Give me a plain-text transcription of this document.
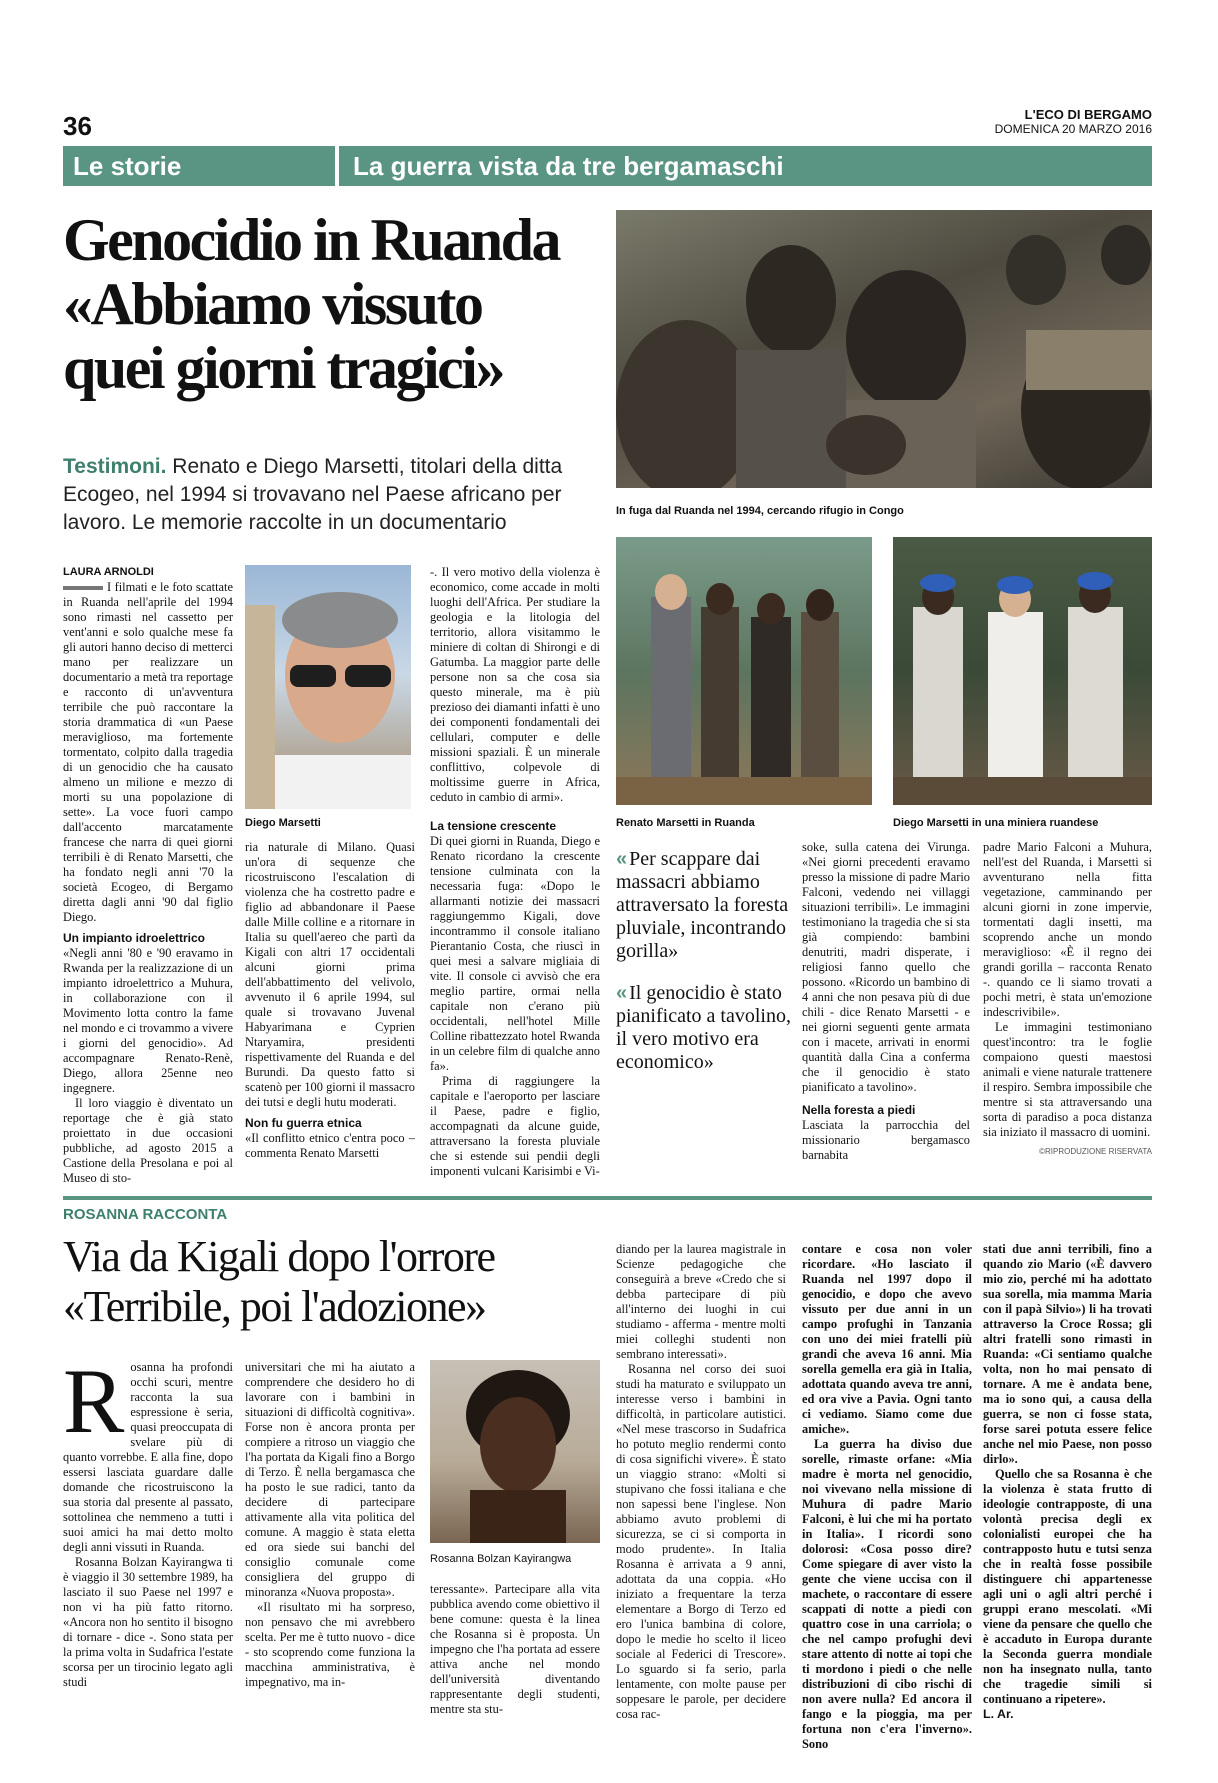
36	L'ECO DI BERGAMO
DOMENICA 20 MARZO 2016
Le storie	La guerra vista da tre bergamaschi
Genocidio in Ruanda
«Abbiamo vissuto
quei giorni tragici»
Testimoni. Renato e Diego Marsetti, titolari della ditta Ecogeo, nel 1994 si trovavano nel Paese africano per lavoro. Le memorie raccolte in un documentario	In fuga dal Ruanda nel 1994, cercando rifugio in Congo
Diego Marsetti	Renato Marsetti in Ruanda	Diego Marsetti in una miniera ruandese
LAURA ARNOLDI

I filmati e le foto scattate in Ruanda nell'aprile del 1994 sono rimasti nel cassetto per vent'anni e solo qualche mese fa gli autori hanno deciso di metterci mano per realizzare un documentario a metà tra reportage e racconto di un'avventura terribile che può raccontare la storia drammatica di «un Paese meraviglioso, ma fortemente tormentato, colpito dalla tragedia di un genocidio che ha causato almeno un milione e mezzo di morti su una popolazione di sette». La voce fuori campo dall'accento marcatamente francese che narra di quei giorni terribili è di Renato Marsetti, che ha fondato negli anni '70 la società Ecogeo, di Bergamo diretta dagli anni '90 dal figlio Diego.

Un impianto idroelettrico

«Negli anni '80 e '90 eravamo in Rwanda per la realizzazione di un impianto idroelettrico a Muhura, in collaborazione con il Movimento lotta contro la fame nel mondo e ci trovammo a vivere i giorni del genocidio». Ad accompagnare Renato-Renè, Diego, allora 25enne neo ingegnere.

Il loro viaggio è diventato un reportage che è già stato proiettato in due occasioni pubbliche, ad agosto 2015 a Castione della Presolana e poi al Museo di sto-

ria naturale di Milano. Quasi un'ora di sequenze che ricostruiscono l'escalation di violenza che ha costretto padre e figlio ad abbandonare il Paese dalle Mille colline e a ritornare in Italia su quell'aereo che partì da Kigali con altri 17 occidentali alcuni giorni prima dell'abbattimento del velivolo, avvenuto il 6 aprile 1994, sul quale si trovavano Juvenal Habyarimana e Cyprien Ntaryamira, presidenti rispettivamente del Ruanda e del Burundi. Da questo fatto si scatenò per 100 giorni il massacro dei tutsi e degli hutu moderati.

Non fu guerra etnica

«Il conflitto etnico c'entra poco – commenta Renato Marsetti

-. Il vero motivo della violenza è economico, come accade in molti luoghi dell'Africa. Per studiare la geologia e la litologia del territorio, allora visitammo le miniere di coltan di Shirongi e di Gatumba. La maggior parte delle persone non sa che cosa sia questo minerale, ma è più prezioso dei diamanti infatti è uno dei componenti fondamentali dei cellulari, computer e delle missioni spaziali. È un minerale conflittivo, colpevole di moltissime guerre in Africa, ceduto in cambio di armi».

La tensione crescente

Di quei giorni in Ruanda, Diego e Renato ricordano la crescente tensione culminata con la necessaria fuga: «Dopo le allarmanti notizie dei massacri raggiungemmo Kigali, dove incontrammo il console italiano Pierantanio Costa, che riuscì in quei mesi a salvare migliaia di vite. Il console ci avvisò che era meglio partire, ormai nella capitale non c'erano più occidentali, nell'hotel Mille Colline ribattezzato hotel Rwanda in un celebre film di qualche anno fa».

Prima di raggiungere la capitale e l'aeroporto per lasciare il Paese, padre e figlio, accompagnati da alcune guide, attraversano la foresta pluviale che si estende sui pendii degli imponenti vulcani Karisimbi e Vi-

« Per scappare dai massacri abbiamo attraversato la foresta pluviale, incontrando gorilla»
« Il genocidio è stato pianificato a tavolino, il vero motivo era economico»

soke, sulla catena dei Virunga. «Nei giorni precedenti eravamo presso la missione di padre Mario Falconi, vedendo nei villaggi situazioni terribili». Le immagini testimoniano la tragedia che si sta già compiendo: bambini denutriti, madri disperate, i religiosi fanno quello che possono. «Ricordo un bambino di 4 anni che non pesava più di due chili - dice Renato Marsetti - e nei giorni seguenti gente armata con i macete, arrivati in enormi quantità dalla Cina a conferma che il genocidio è stato pianificato a tavolino».

Nella foresta a piedi

Lasciata la parrocchia del missionario bergamasco barnabita

padre Mario Falconi a Muhura, nell'est del Ruanda, i Marsetti si avventurano nella fitta vegetazione, camminando per alcuni giorni in zone impervie, tormentati dagli insetti, ma scoprendo anche un mondo meraviglioso: «È il regno dei grandi gorilla – racconta Renato -. quando ce li siamo trovati a pochi metri, è stata un'emozione indescrivibile».

Le immagini testimoniano quest'incontro: tra le foglie compaiono questi maestosi animali e viene naturale trattenere il respiro. Sembra impossibile che mentre si sta attraversando una sorta di paradiso a poca distanza sia iniziato il massacro di uomini.

©RIPRODUZIONE RISERVATA
ROSANNA RACCONTA
Via da Kigali dopo l'orrore
«Terribile, poi l'adozione»
Rosanna Bolzan Kayirangwa
R osanna ha profondi occhi scuri, mentre racconta la sua espressione è seria, quasi preoccupata di svelare più di quanto vorrebbe. E alla fine, dopo essersi lasciata guardare dalle domande che ricostruiscono la sua storia dal presente al passato, sottolinea che nemmeno a tutti i suoi amici ha mai detto molto degli anni vissuti in Ruanda.

Rosanna Bolzan Kayirangwa ti è viaggio il 30 settembre 1989, ha lasciato il suo Paese nel 1997 e non vi ha più fatto ritorno. «Ancora non ho sentito il bisogno di tornare - dice -. Sono stata per la prima volta in Sudafrica l'estate scorsa per un tirocinio legato agli studi

universitari che mi ha aiutato a comprendere che desidero ho di lavorare con i bambini in situazioni di difficoltà cognitiva». Forse non è ancora pronta per compiere a ritroso un viaggio che l'ha portata da Kigali fino a Borgo di Terzo. È nella bergamasca che ha posto le sue radici, tanto da decidere di partecipare attivamente alla vita politica del comune. A maggio è stata eletta ed ora siede sui banchi del consiglio comunale come consigliera del gruppo di minoranza «Nuova proposta».

«Il risultato mi ha sorpreso, non pensavo che mi avrebbero scelta. Per me è tutto nuovo - dice - sto scoprendo come funziona la macchina amministrativa, è impegnativo, ma in-

teressante». Partecipare alla vita pubblica avendo come obiettivo il bene comune: questa è la linea che Rosanna si è proposta. Un impegno che l'ha portata ad essere attiva anche nel mondo dell'università diventando rappresentante degli studenti, mentre sta stu-

diando per la laurea magistrale in Scienze pedagogiche che conseguirà a breve «Credo che si debba partecipare di più all'interno dei luoghi in cui studiamo - afferma - mentre molti miei colleghi studenti non sembrano interessati».

Rosanna nel corso dei suoi studi ha maturato e sviluppato un interesse verso i bambini in difficoltà, in particolare autistici. «Nel mese trascorso in Sudafrica ho potuto meglio rendermi conto di cosa significhi vivere». È stato un viaggio strano: «Molti si stupivano che fossi italiana e che non sapessi bene l'inglese. Non abbiamo avuto problemi di sicurezza, se ci si comporta in modo prudente». In Italia Rosanna è arrivata a 9 anni, adottata da una coppia. «Ho iniziato a frequentare la terza elementare a Borgo di Terzo ed ero l'unica bambina di colore, dopo le medie ho scelto il liceo sociale al Federici di Trescore». Lo sguardo si fa serio, parla lentamente, con molte pause per soppesare le parole, per decidere cosa rac-

contare e cosa non voler ricordare. «Ho lasciato il Ruanda nel 1997 dopo il genocidio, e dopo che avevo vissuto per due anni in un campo profughi in Tanzania con uno dei miei fratelli più grandi che aveva 16 anni. Mia sorella gemella era già in Italia, adottata quando aveva tre anni, ed ora vive a Pavia. Ogni tanto ci vediamo. Siamo come due amiche».

La guerra ha diviso due sorelle, rimaste orfane: «Mia madre è morta nel genocidio, noi vivevano nella missione di Muhura di padre Mario Falconi, è lui che mi ha portato in Italia». I ricordi sono dolorosi: «Cosa posso dire? Come spiegare di aver visto la gente che viene uccisa con il machete, o raccontare di essere scappati di notte a piedi con quattro cose in una carriola; o che nel campo profughi devi stare attento di notte ai topi che ti mordono i piedi o che nelle distribuzioni di cibo rischi di non avere nulla? Ed ancora il fango e la pioggia, ma per fortuna non c'era l'inverno». Sono

stati due anni terribili, fino a quando zio Mario («È davvero mio zio, perché mi ha adottato sua sorella, mia mamma Maria con il papà Silvio») li ha trovati attraverso la Croce Rossa; gli altri fratelli sono rimasti in Ruanda: «Ci sentiamo qualche volta, non ho mai pensato di tornare. A me è andata bene, ma io sono qui, a causa della guerra, se non ci fosse stata, forse sarei potuta essere felice anche nel mio Paese, non posso dirlo».

Quello che sa Rosanna è che la violenza è stata frutto di ideologie contrapposte, di una volontà precisa degli ex colonialisti europei che ha contrapposto hutu e tutsi senza che in realtà fosse possibile distinguere chi appartenesse agli uni o agli altri perché i gruppi erano mescolati. «Mi viene da pensare che quello che è accaduto in Europa durante la Seconda guerra mondiale non ha insegnato nulla, tanto che tragedie simili si continuano a ripetere».

L. Ar.
